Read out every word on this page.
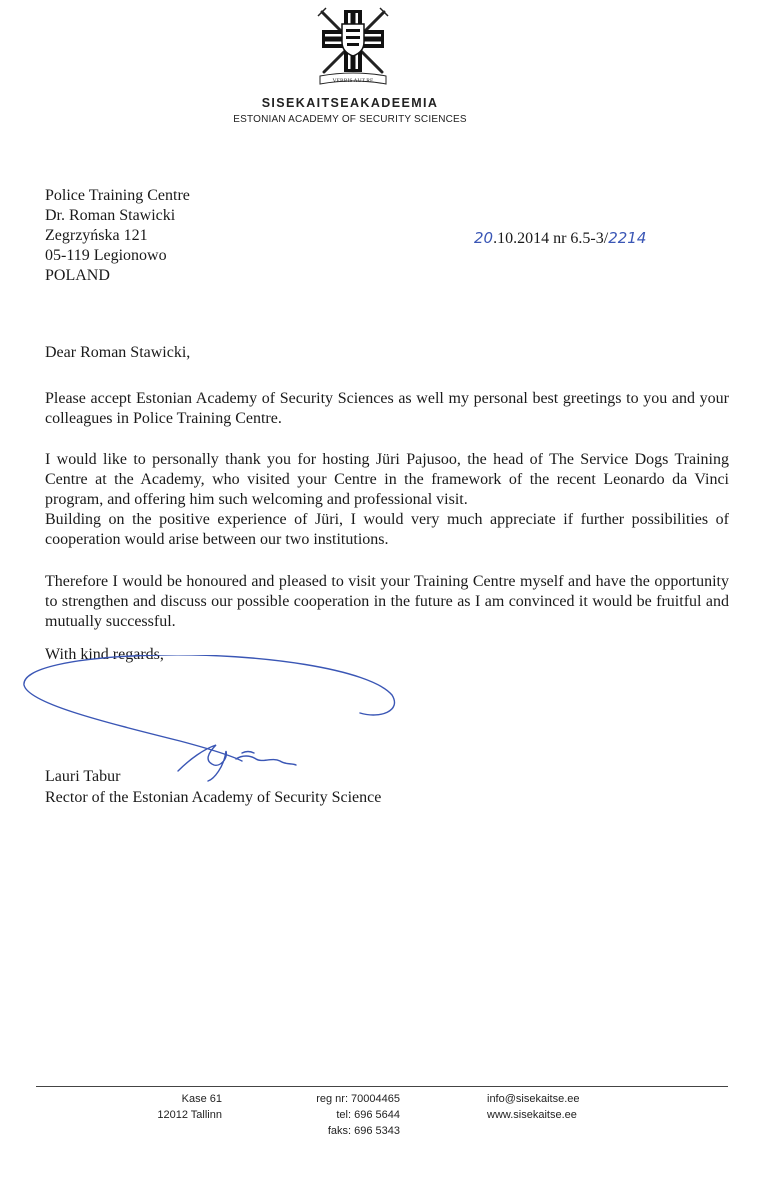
VERBIS AUT RE
SISEKAITSEAKADEEMIA
ESTONIAN ACADEMY OF SECURITY SCIENCES
Police Training Centre
Dr. Roman Stawicki
Zegrzyńska 121
05-119 Legionowo
POLAND
20.10.2014 nr 6.5-3/2214
Dear Roman Stawicki,
Please accept Estonian Academy of Security Sciences as well my personal best greetings to you and your colleagues in Police Training Centre.
I would like to personally thank you for hosting Jüri Pajusoo, the head of The Service Dogs Training Centre at the Academy, who visited your Centre in the framework of the recent Leonardo da Vinci program, and offering him such welcoming and professional visit.
Building on the positive experience of Jüri, I would very much appreciate if further possibilities of cooperation would arise between our two institutions.
Therefore I would be honoured and pleased to visit your Training Centre myself and have the opportunity to strengthen and discuss our possible cooperation in the future as I am convinced it would be fruitful and mutually successful.
With kind regards,
Lauri Tabur
Rector of the Estonian Academy of Security Science
Kase 61
12012 Tallinn
reg nr: 70004465
tel: 696 5644
faks: 696 5343
info@sisekaitse.ee
www.sisekaitse.ee
